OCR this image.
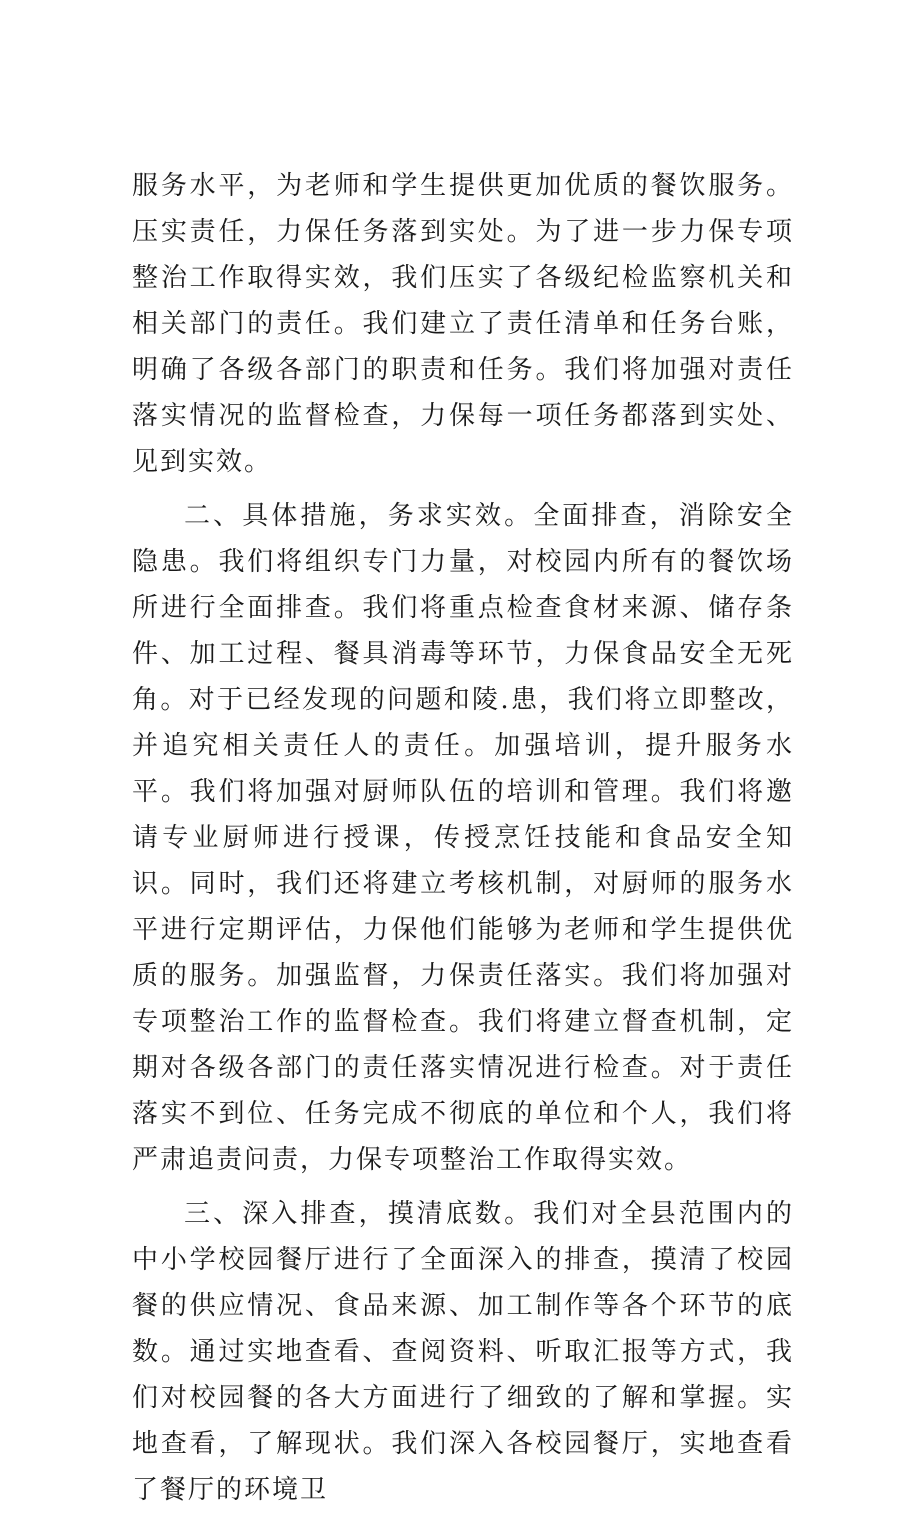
服务水平，为老师和学生提供更加优质的餐饮服务。压实责任，力保任务落到实处。为了进一步力保专项整治工作取得实效，我们压实了各级纪检监察机关和相关部门的责任。我们建立了责任清单和任务台账，明确了各级各部门的职责和任务。我们将加强对责任落实情况的监督检查，力保每一项任务都落到实处、见到实效。

二、具体措施，务求实效。全面排查，消除安全隐患。我们将组织专门力量，对校园内所有的餐饮场所进行全面排查。我们将重点检查食材来源、储存条件、加工过程、餐具消毒等环节，力保食品安全无死角。对于已经发现的问题和陵.患，我们将立即整改，并追究相关责任人的责任。加强培训，提升服务水平。我们将加强对厨师队伍的培训和管理。我们将邀请专业厨师进行授课，传授烹饪技能和食品安全知识。同时，我们还将建立考核机制，对厨师的服务水平进行定期评估，力保他们能够为老师和学生提供优质的服务。加强监督，力保责任落实。我们将加强对专项整治工作的监督检查。我们将建立督查机制，定期对各级各部门的责任落实情况进行检查。对于责任落实不到位、任务完成不彻底的单位和个人，我们将严肃追责问责，力保专项整治工作取得实效。

三、深入排查，摸清底数。我们对全县范围内的中小学校园餐厅进行了全面深入的排查，摸清了校园餐的供应情况、食品来源、加工制作等各个环节的底数。通过实地查看、查阅资料、听取汇报等方式，我们对校园餐的各大方面进行了细致的了解和掌握。实地查看，了解现状。我们深入各校园餐厅，实地查看了餐厅的环境卫
